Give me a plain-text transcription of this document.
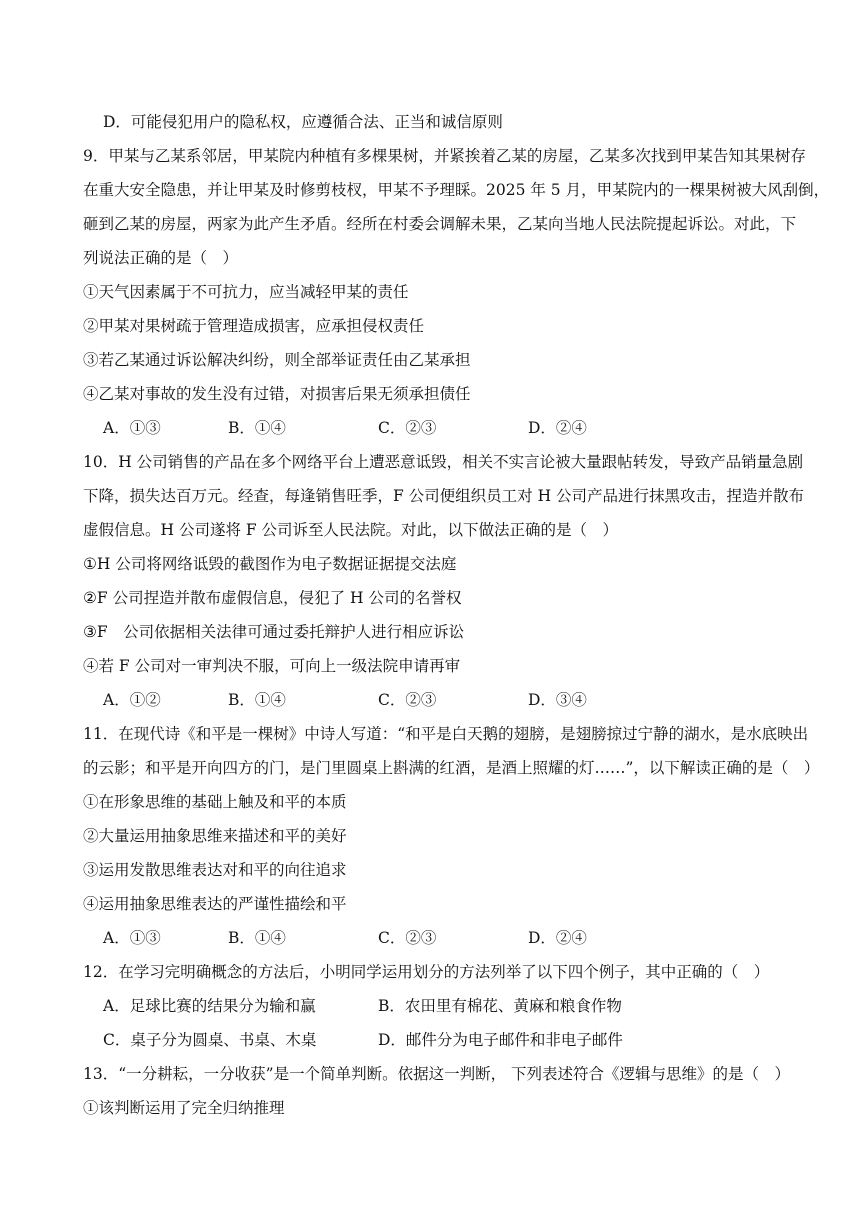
D．可能侵犯用户的隐私权，应遵循合法、正当和诚信原则
9．甲某与乙某系邻居，甲某院内种植有多棵果树，并紧挨着乙某的房屋，乙某多次找到甲某告知其果树存
在重大安全隐患，并让甲某及时修剪枝杈，甲某不予理睬。2025 年 5 月，甲某院内的一棵果树被大风刮倒，
砸到乙某的房屋，两家为此产生矛盾。经所在村委会调解未果，乙某向当地人民法院提起诉讼。对此，下
列说法正确的是（　）
①天气因素属于不可抗力，应当减轻甲某的责任
②甲某对果树疏于管理造成损害，应承担侵权责任
③若乙某通过诉讼解决纠纷，则全部举证责任由乙某承担
④乙某对事故的发生没有过错，对损害后果无须承担债任
A．①③	B．①④	C．②③	D．②④
10．H 公司销售的产品在多个网络平台上遭恶意诋毁，相关不实言论被大量跟帖转发，导致产品销量急剧
下降，损失达百万元。经查，每逢销售旺季，F 公司便组织员工对 H 公司产品进行抹黑攻击，捏造并散布
虚假信息。H 公司遂将 F 公司诉至人民法院。对此，以下做法正确的是（　）
①H 公司将网络诋毁的截图作为电子数据证据提交法庭
②F 公司捏造并散布虚假信息，侵犯了 H 公司的名誉权
③F　公司依据相关法律可通过委托辩护人进行相应诉讼
④若 F 公司对一审判决不服，可向上一级法院申请再审
A．①②	B．①④	C．②③	D．③④
11．在现代诗《和平是一棵树》中诗人写道：“和平是白天鹅的翅膀，是翅膀掠过宁静的湖水，是水底映出
的云影；和平是开向四方的门，是门里圆桌上斟满的红酒，是酒上照耀的灯……”，以下解读正确的是（　）
①在形象思维的基础上触及和平的本质
②大量运用抽象思维来描述和平的美好
③运用发散思维表达对和平的向往追求
④运用抽象思维表达的严谨性描绘和平
A．①③	B．①④	C．②③	D．②④
12．在学习完明确概念的方法后，小明同学运用划分的方法列举了以下四个例子，其中正确的（　）
A．足球比赛的结果分为输和赢	B．农田里有棉花、黄麻和粮食作物
C．桌子分为圆桌、书桌、木桌	D．邮件分为电子邮件和非电子邮件
13．“一分耕耘，一分收获”是一个简单判断。依据这一判断， 下列表述符合《逻辑与思维》的是（　）
①该判断运用了完全归纳推理
